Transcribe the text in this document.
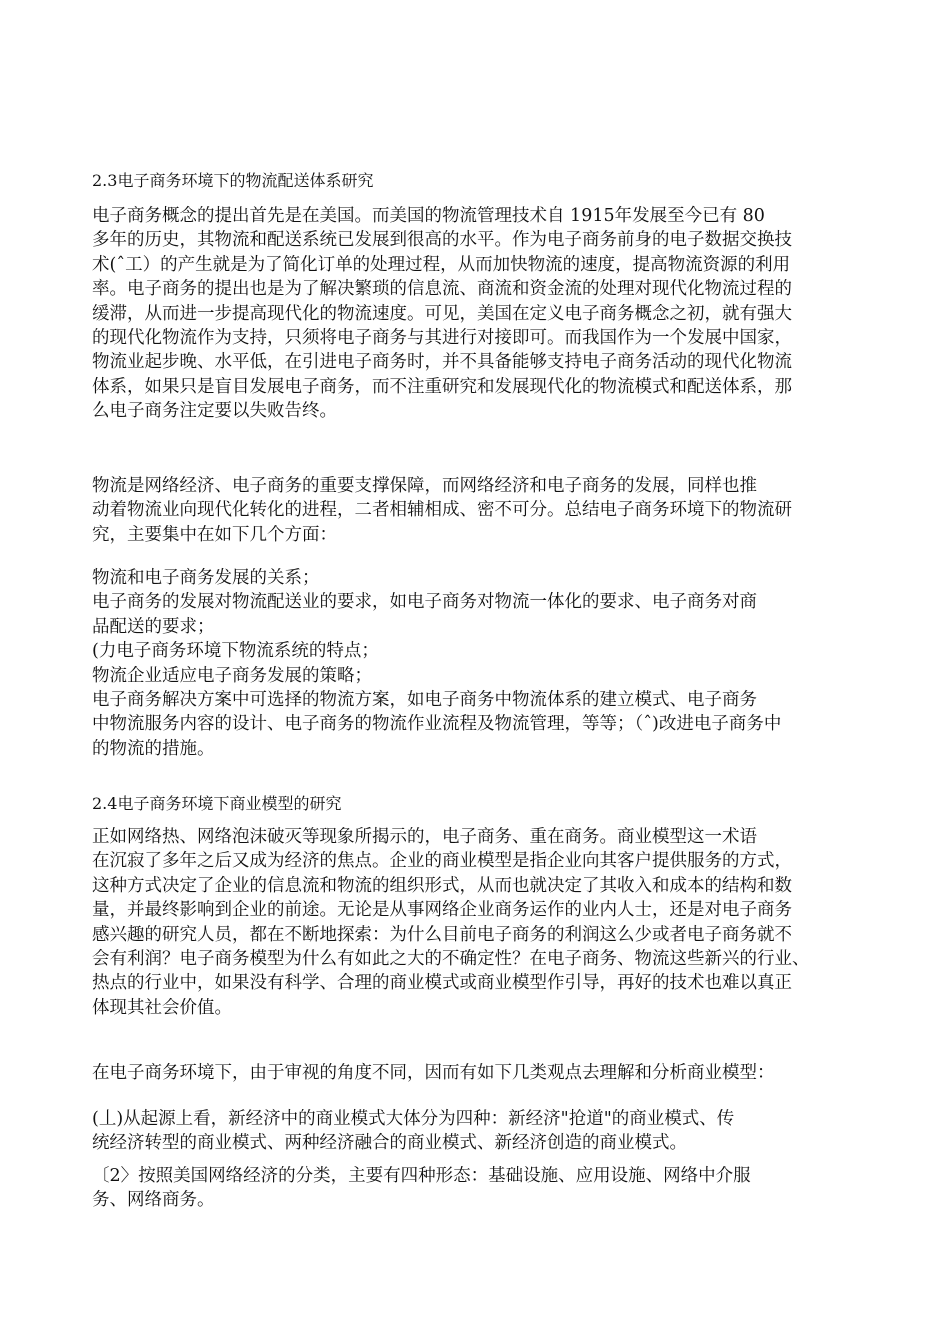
2.3电子商务环境下的物流配送体系研究
电子商务概念的提出首先是在美国。而美国的物流管理技术自 1915年发展至今已有 80
多年的历史，其物流和配送系统已发展到很高的水平。作为电子商务前身的电子数据交换技
术(ˆ工）的产生就是为了简化订单的处理过程，从而加快物流的速度，提高物流资源的利用
率。电子商务的提出也是为了解决繁琐的信息流、商流和资金流的处理对现代化物流过程的
缓滞，从而进一步提高现代化的物流速度。可见，美国在定义电子商务概念之初，就有强大
的现代化物流作为支持，只须将电子商务与其进行对接即可。而我国作为一个发展中国家，
物流业起步晚、水平低，在引进电子商务时，并不具备能够支持电子商务活动的现代化物流
体系，如果只是盲目发展电子商务，而不注重研究和发展现代化的物流模式和配送体系，那
么电子商务注定要以失败告终。
物流是网络经济、电子商务的重要支撑保障，而网络经济和电子商务的发展，同样也推
动着物流业向现代化转化的进程，二者相辅相成、密不可分。总结电子商务环境下的物流研
究，主要集中在如下几个方面：
物流和电子商务发展的关系；
电子商务的发展对物流配送业的要求，如电子商务对物流一体化的要求、电子商务对商
品配送的要求；
(力电子商务环境下物流系统的特点；
物流企业适应电子商务发展的策略；
电子商务解决方案中可选择的物流方案，如电子商务中物流体系的建立模式、电子商务
中物流服务内容的设计、电子商务的物流作业流程及物流管理，等等；（ˆ)改进电子商务中
的物流的措施。
2.4电子商务环境下商业模型的研究
正如网络热、网络泡沫破灭等现象所揭示的，电子商务、重在商务。商业模型这一术语
在沉寂了多年之后又成为经济的焦点。企业的商业模型是指企业向其客户提供服务的方式，
这种方式决定了企业的信息流和物流的组织形式，从而也就决定了其收入和成本的结构和数
量，并最终影响到企业的前途。无论是从事网络企业商务运作的业内人士，还是对电子商务
感兴趣的研究人员，都在不断地探索：为什么目前电子商务的利润这么少或者电子商务就不
会有利润？电子商务模型为什么有如此之大的不确定性？在电子商务、物流这些新兴的行业、
热点的行业中，如果没有科学、合理的商业模式或商业模型作引导，再好的技术也难以真正
体现其社会价值。
在电子商务环境下，由于审视的角度不同，因而有如下几类观点去理解和分析商业模型：
(丄)从起源上看，新经济中的商业模式大体分为四种：新经济"抢道"的商业模式、传
统经济转型的商业模式、两种经济融合的商业模式、新经济创造的商业模式。
〔2〉按照美国网络经济的分类，主要有四种形态：基础设施、应用设施、网络中介服
务、网络商务。
